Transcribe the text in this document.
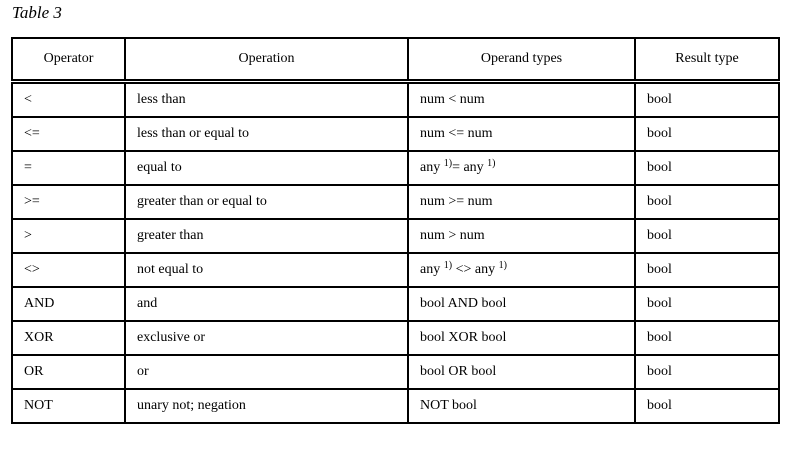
Table 3
Operator	Operation	Operand types	Result type
<	less than	num < num	bool
<=	less than or equal to	num <= num	bool
=	equal to	any $^{1)}$= any $^{1)}$	bool
>=	greater than or equal to	num >= num	bool
>	greater than	num > num	bool
<>	not equal to	any $^{1)}$ <> any $^{1)}$	bool
AND	and	bool AND bool	bool
XOR	exclusive or	bool XOR bool	bool
OR	or	bool OR bool	bool
NOT	unary not; negation	NOT bool	bool
